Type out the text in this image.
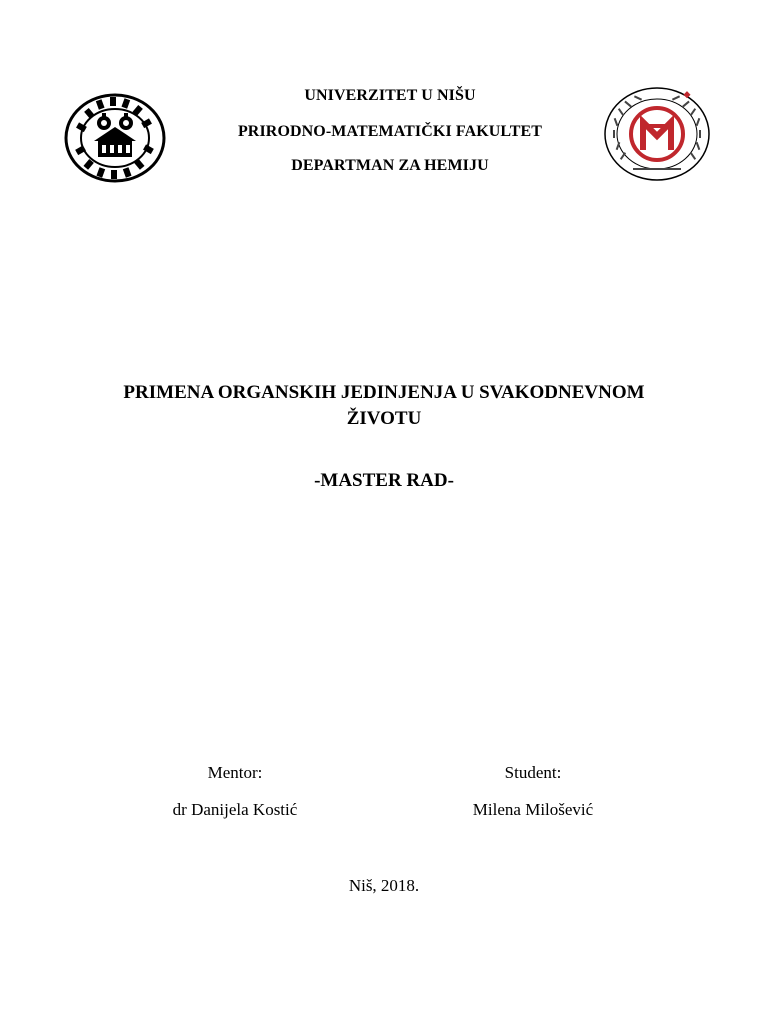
UNIVERZITET U NIŠU
PRIRODNO-MATEMATIČKI FAKULTET
DEPARTMAN ZA HEMIJU
PRIMENA ORGANSKIH JEDINJENJA U SVAKODNEVNOM
ŽIVOTU
-MASTER RAD-
Mentor:
dr Danijela Kostić
Student:
Milena Milošević
Niš, 2018.
